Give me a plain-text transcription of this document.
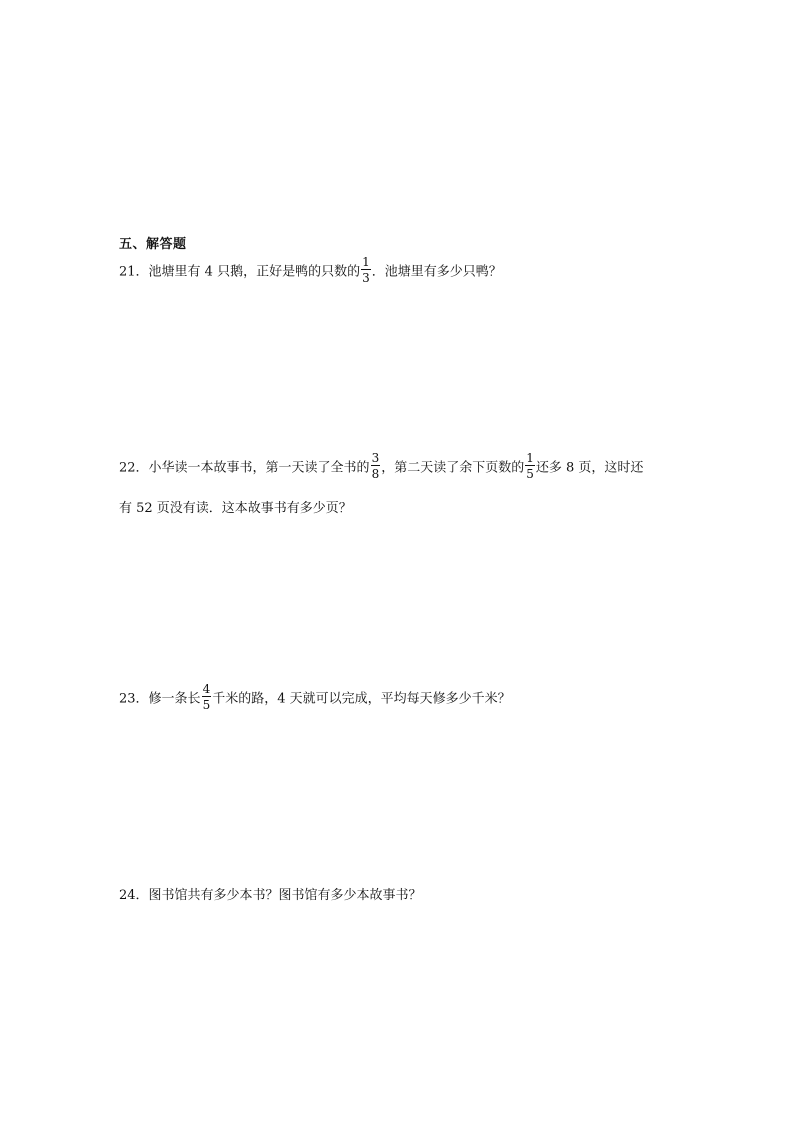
五、解答题
21．池塘里有 4 只鹅，正好是鸭的只数的 $\frac{1}{3}$ ．池塘里有多少只鸭？
22．小华读一本故事书，第一天读了全书的 $\frac{3}{8}$ ，第二天读了余下页数的 $\frac{1}{5}$ 还多 8 页，这时还
有 52 页没有读．这本故事书有多少页？
23．修一条长 $\frac{4}{5}$ 千米的路，4 天就可以完成，平均每天修多少千米？
24．图书馆共有多少本书？图书馆有多少本故事书？
